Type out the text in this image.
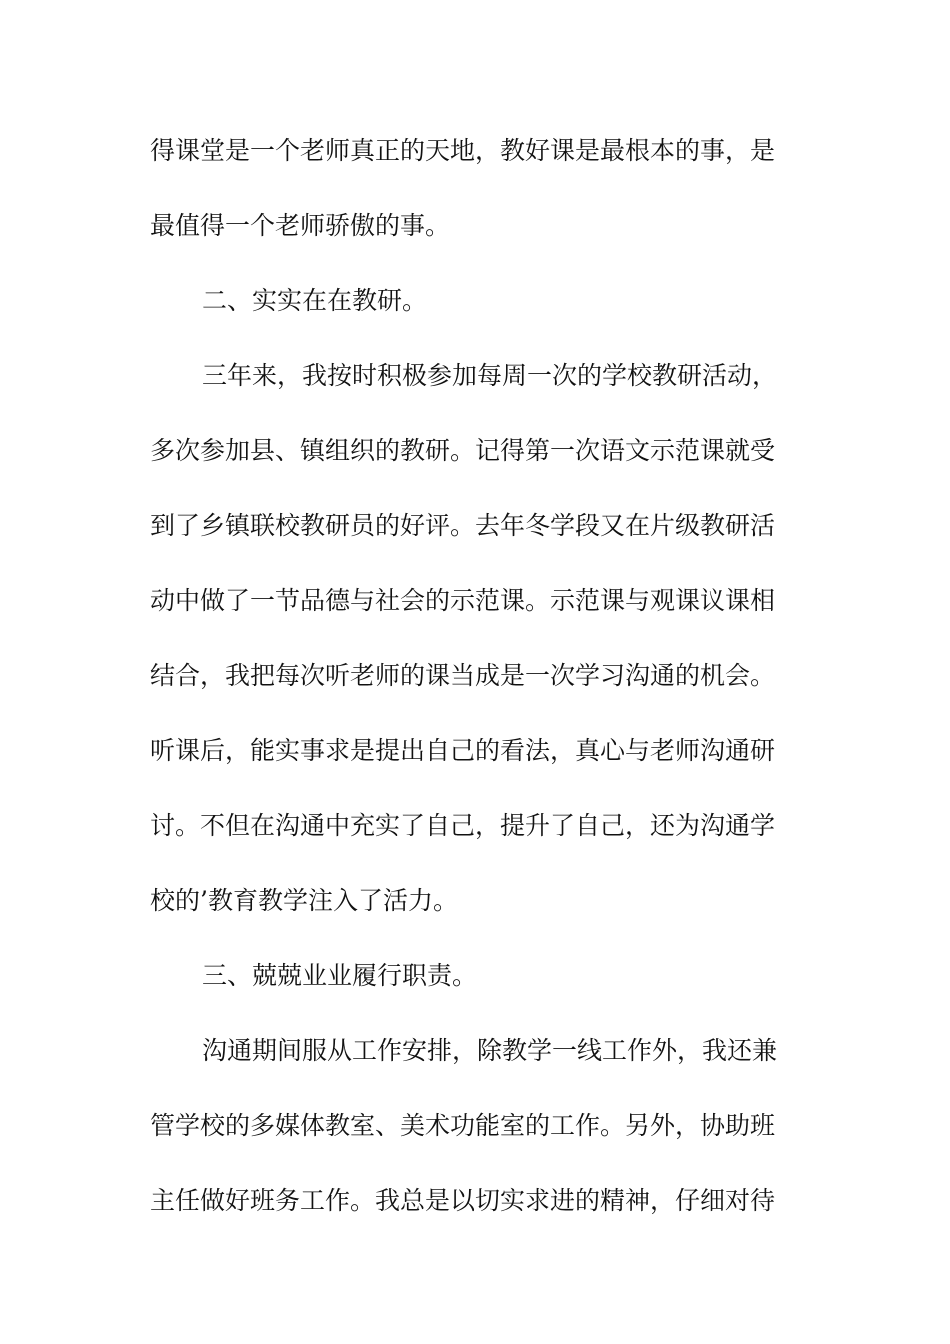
得课堂是一个老师真正的天地，教好课是最根本的事，是
最值得一个老师骄傲的事。
二、实实在在教研。
三年来，我按时积极参加每周一次的学校教研活动，
多次参加县、镇组织的教研。记得第一次语文示范课就受
到了乡镇联校教研员的好评。去年冬学段又在片级教研活
动中做了一节品德与社会的示范课。示范课与观课议课相
结合，我把每次听老师的课当成是一次学习沟通的机会。
听课后，能实事求是提出自己的看法，真心与老师沟通研
讨。不但在沟通中充实了自己，提升了自己，还为沟通学
校的’教育教学注入了活力。
三、兢兢业业履行职责。
沟通期间服从工作安排，除教学一线工作外，我还兼
管学校的多媒体教室、美术功能室的工作。另外，协助班
主任做好班务工作。我总是以切实求进的精神，仔细对待
